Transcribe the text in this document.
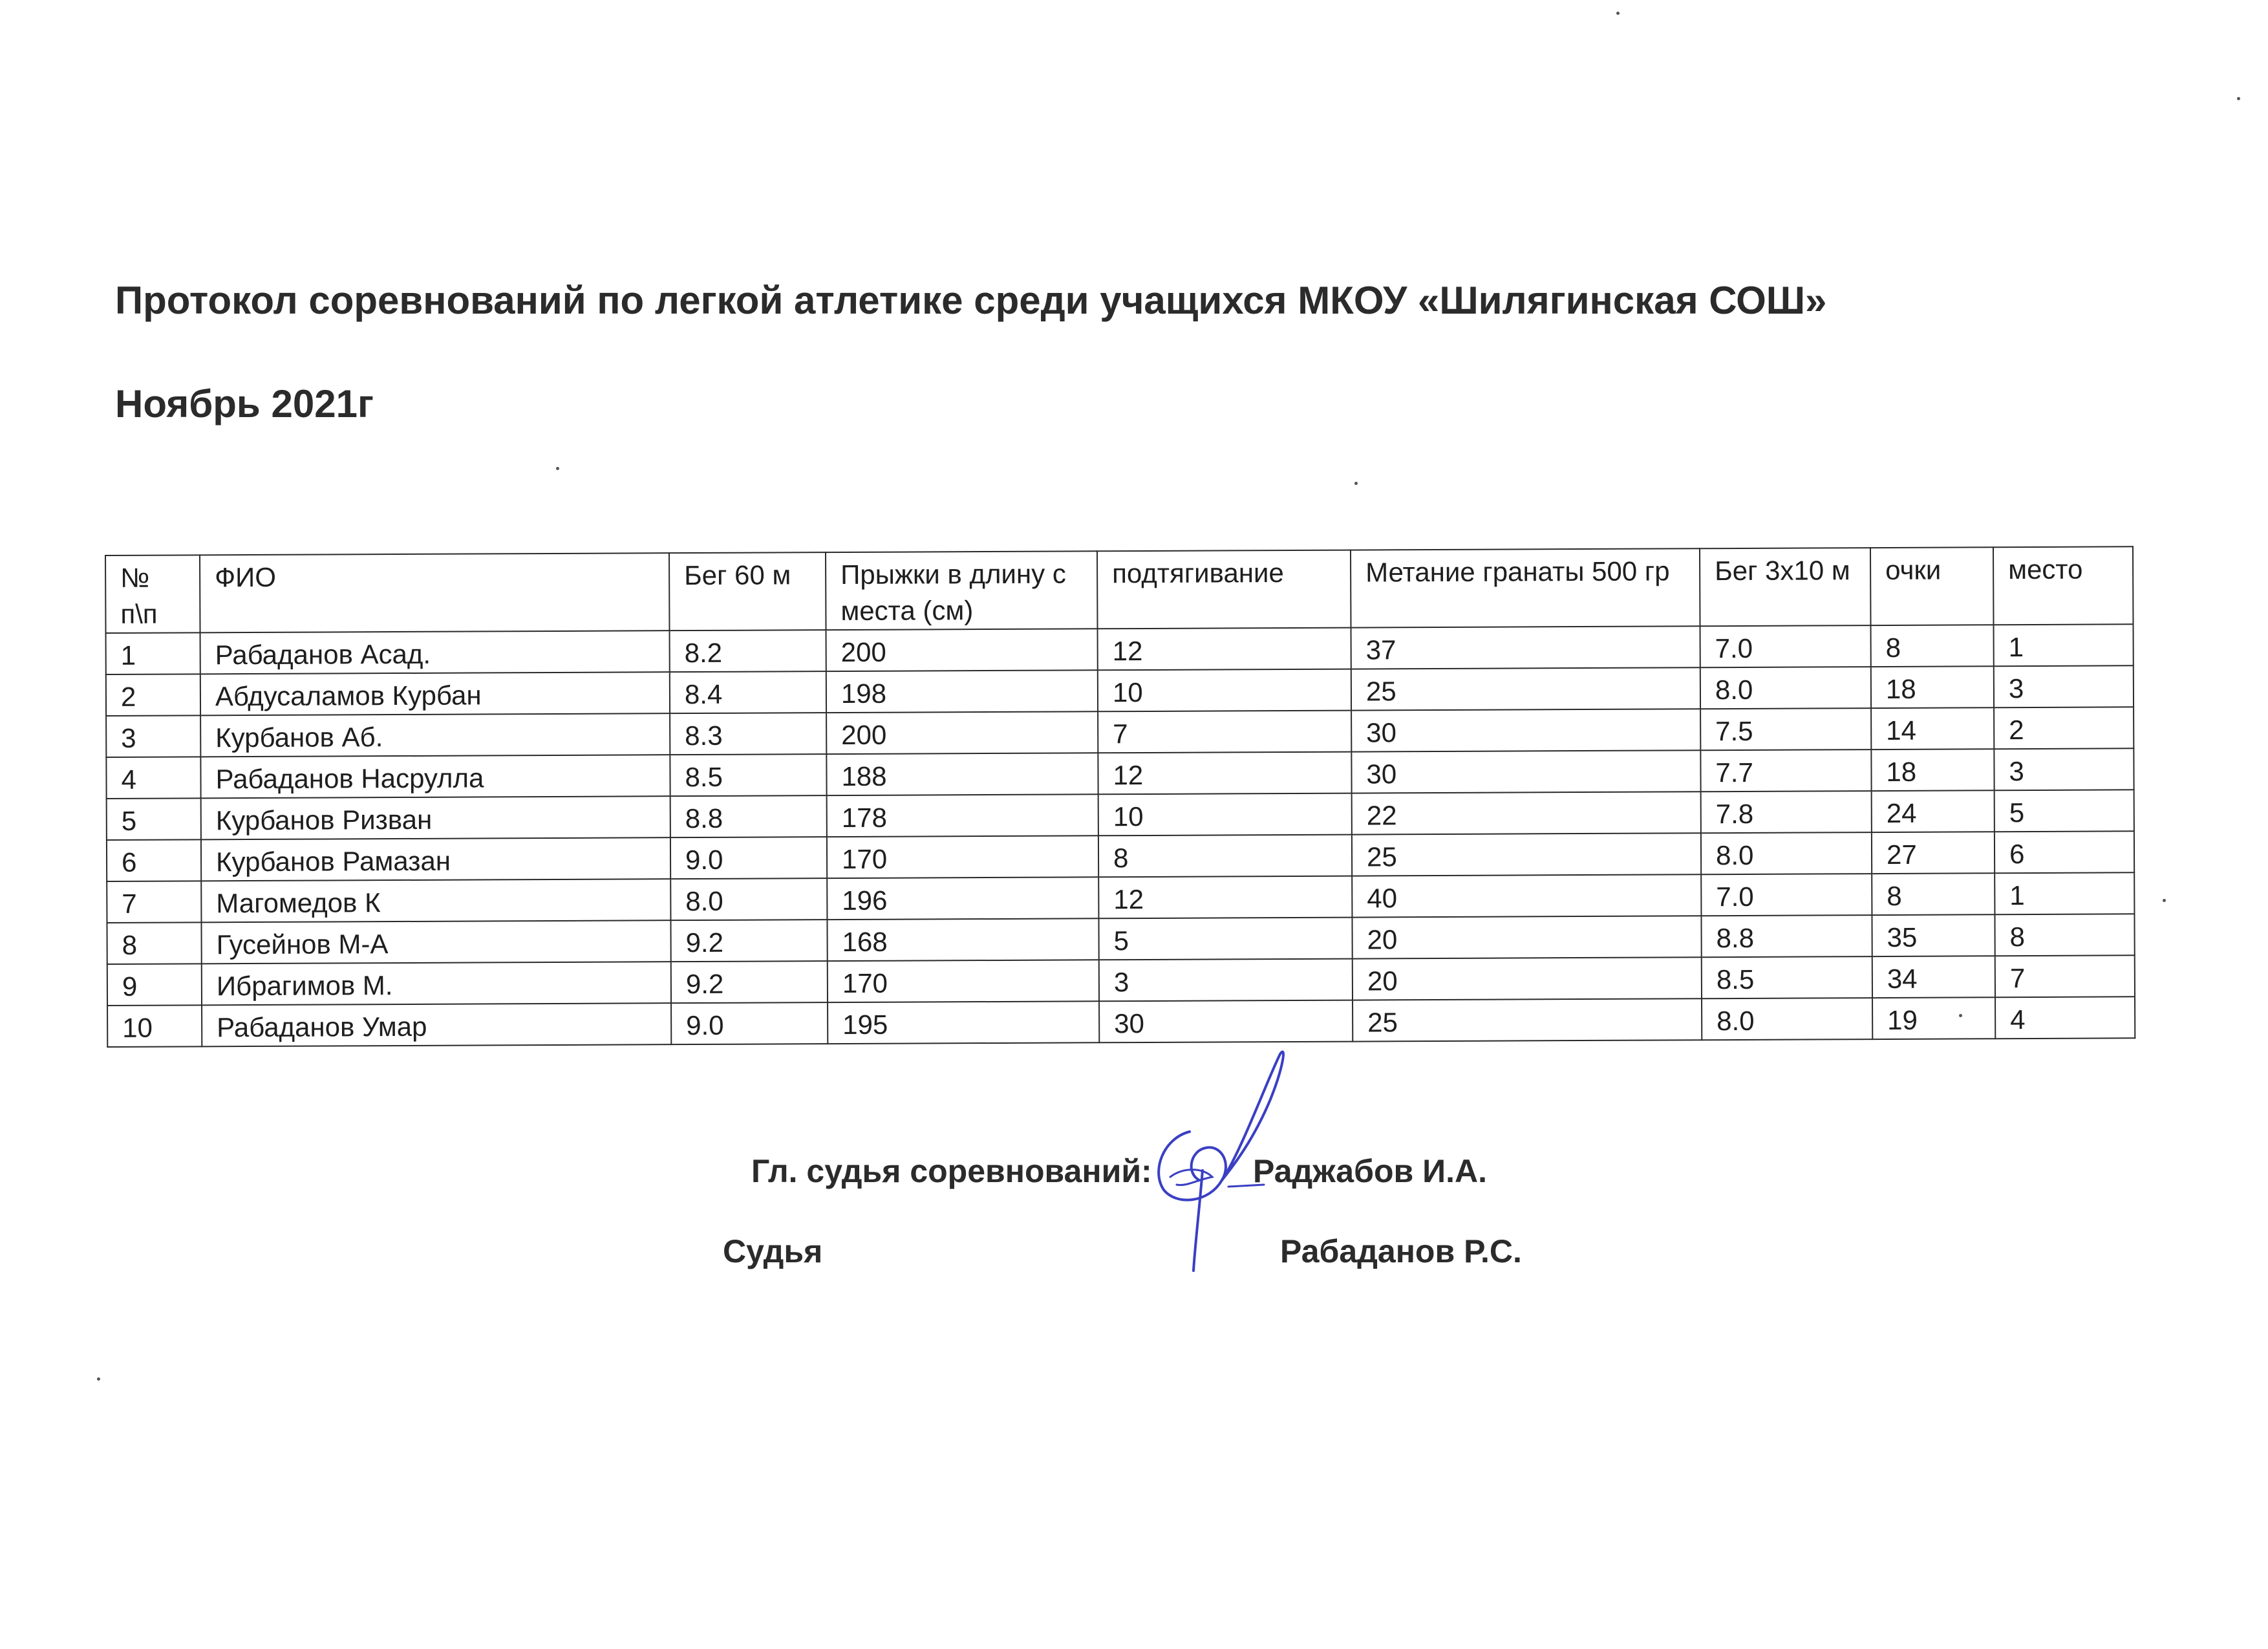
Протокол соревнований по легкой атлетике среди учащихся МКОУ «Шилягинская СОШ»
Ноябрь 2021г
№ п\п	ФИО	Бег 60 м	Прыжки в длину с места (см)	подтягивание	Метание гранаты 500 гр	Бег 3х10 м	очки	место
1	Рабаданов Асад.	8.2	200	12	37	7.0	8	1
2	Абдусаламов Курбан	8.4	198	10	25	8.0	18	3
3	Курбанов Аб.	8.3	200	7	30	7.5	14	2
4	Рабаданов Насрулла	8.5	188	12	30	7.7	18	3
5	Курбанов Ризван	8.8	178	10	22	7.8	24	5
6	Курбанов Рамазан	9.0	170	8	25	8.0	27	6
7	Магомедов К	8.0	196	12	40	7.0	8	1
8	Гусейнов М-А	9.2	168	5	20	8.8	35	8
9	Ибрагимов М.	9.2	170	3	20	8.5	34	7
10	Рабаданов Умар	9.0	195	30	25	8.0	19	4
Гл. судья соревнований:	Раджабов И.А.
Судья	Рабаданов Р.С.
